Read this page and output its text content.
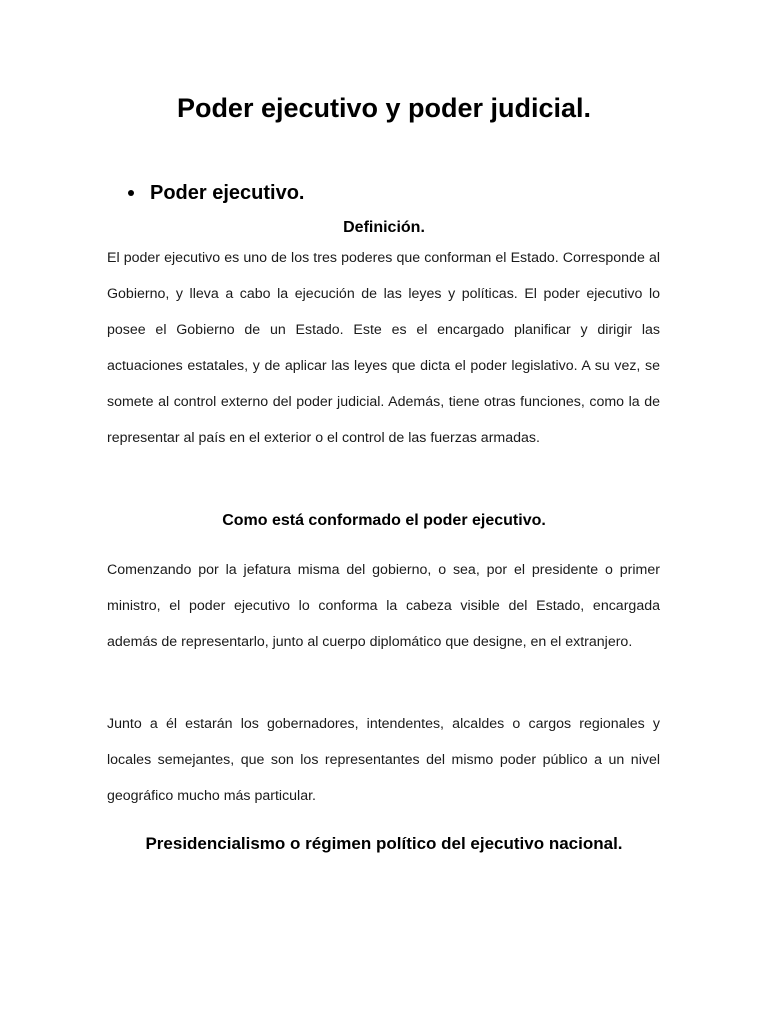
Poder ejecutivo y poder judicial.
Poder ejecutivo.
Definición.

El poder ejecutivo es uno de los tres poderes que conforman el Estado. Corresponde al Gobierno, y lleva a cabo la ejecución de las leyes y políticas. El poder ejecutivo lo posee el Gobierno de un Estado. Este es el encargado planificar y dirigir las actuaciones estatales, y de aplicar las leyes que dicta el poder legislativo. A su vez, se somete al control externo del poder judicial. Además, tiene otras funciones, como la de representar al país en el exterior o el control de las fuerzas armadas.

Como está conformado el poder ejecutivo.

Comenzando por la jefatura misma del gobierno, o sea, por el presidente o primer ministro, el poder ejecutivo lo conforma la cabeza visible del Estado, encargada además de representarlo, junto al cuerpo diplomático que designe, en el extranjero.

Junto a él estarán los gobernadores, intendentes, alcaldes o cargos regionales y locales semejantes, que son los representantes del mismo poder público a un nivel geográfico mucho más particular.

Presidencialismo o régimen político del ejecutivo nacional.
